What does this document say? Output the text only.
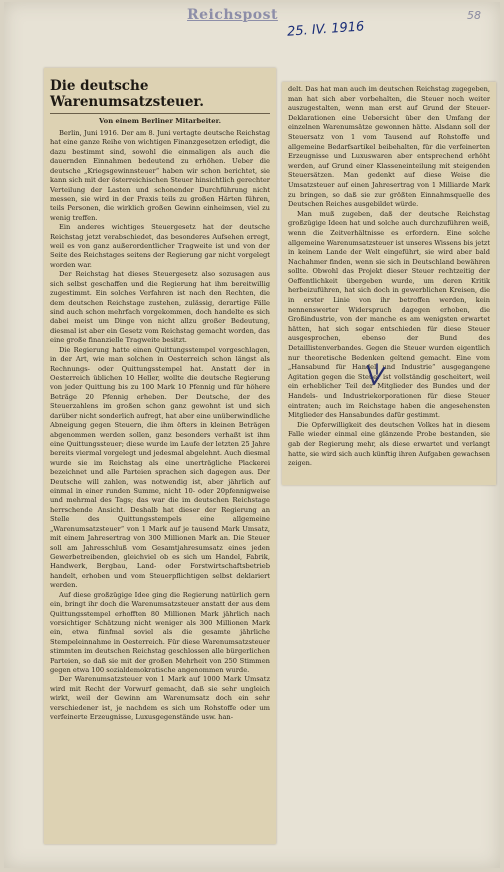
Reichspost
25. IV. 1916
58
Die deutsche Warenumsatzsteuer.
Von einem Berliner Mitarbeiter.

Berlin, Juni 1916. Der am 8. Juni vertagte deutsche Reichstag hat eine ganze Reihe von wichtigen Finanzgesetzen erledigt, die dazu bestimmt sind, sowohl die einmaligen als auch die dauernden Einnahmen bedeutend zu erhöhen. Ueber die deutsche „Kriegsgewinnsteuer“ haben wir schon berichtet, sie kann sich mit der österreichischen Steuer hinsichtlich gerechter Verteilung der Lasten und schonender Durchführung nicht messen, sie wird in der Praxis teils zu großen Härten führen, teils Personen, die wirklich großen Gewinn einheimsen, viel zu wenig treffen.

Ein anderes wichtiges Steuergesetz hat der deutsche Reichstag jetzt verabschiedet, das besonderes Aufsehen erregt, weil es von ganz außerordentlicher Tragweite ist und von der Seite des Reichstages seitens der Regierung gar nicht vorgelegt worden war.

Der Reichstag hat dieses Steuergesetz also sozusagen aus sich selbst geschaffen und die Regierung hat ihm bereitwillig zugestimmt. Ein solches Verfahren ist nach den Rechten, die dem deutschen Reichstage zustehen, zulässig, derartige Fälle sind auch schon mehrfach vorgekommen, doch handelte es sich dabei meist um Dinge von nicht allzu großer Bedeutung, diesmal ist aber ein Gesetz vom Reichstag gemacht worden, das eine große finanzielle Tragweite besitzt.

Die Regierung hatte einen Quittungsstempel vorgeschlagen, in der Art, wie man solchen in Oesterreich schon längst als Rechnungs- oder Quittungsstempel hat. Anstatt der in Oesterreich üblichen 10 Heller, wollte die deutsche Regierung von jeder Quittung bis zu 100 Mark 10 Pfennig und für höhere Beträge 20 Pfennig erheben. Der Deutsche, der des Steuerzahlens im großen schon ganz gewohnt ist und sich darüber nicht sonderlich aufregt, hat aber eine unüberwindliche Abneigung gegen Steuern, die ihm öfters in kleinen Beträgen abgenommen werden sollen, ganz besonders verhaßt ist ihm eine Quittungssteuer; diese wurde im Laufe der letzten 25 Jahre bereits viermal vorgelegt und jedesmal abgelehnt. Auch diesmal wurde sie im Reichstag als eine unerträgliche Plackerei bezeichnet und alle Parteien sprachen sich dagegen aus. Der Deutsche will zahlen, was notwendig ist, aber jährlich auf einmal in einer runden Summe, nicht 10- oder 20pfennigweise und mehrmal des Tags; das war die im deutschen Reichstage herrschende Ansicht. Deshalb hat dieser der Regierung an Stelle des Quittungsstempels eine allgemeine „Warenumsatzsteuer“ von 1 Mark auf je tausend Mark Umsatz, mit einem Jahresertrag von 300 Millionen Mark an. Die Steuer soll am Jahresschluß vom Gesamtjahresumsatz eines jeden Gewerbetreibenden, gleichviel ob es sich um Handel, Fabrik, Handwerk, Bergbau, Land- oder Forstwirtschaftsbetrieb handelt, erhoben und vom Steuerpflichtigen selbst deklariert werden.

Auf diese großzügige Idee ging die Regierung natürlich gern ein, bringt ihr doch die Warenumsatzsteuer anstatt der aus dem Quittungsstempel erhofften 80 Millionen Mark jährlich nach vorsichtiger Schätzung nicht weniger als 300 Millionen Mark ein, etwa fünfmal soviel als die gesamte jährliche Stempeleinnahme in Oesterreich. Für diese Warenumsatzsteuer stimmten im deutschen Reichstag geschlossen alle bürgerlichen Parteien, so daß sie mit der großen Mehrheit von 250 Stimmen gegen etwa 100 sozialdemokratische angenommen wurde.

Der Warenumsatzsteuer von 1 Mark auf 1000 Mark Umsatz wird mit Recht der Vorwurf gemacht, daß sie sehr ungleich wirkt, weil der Gewinn am Warenumsatz doch ein sehr verschiedener ist, je nachdem es sich um Rohstoffe oder um verfeinerte Erzeugnisse, Luxusgegenstände usw. han-

delt. Das hat man auch im deutschen Reichstag zugegeben, man hat sich aber vorbehalten, die Steuer noch weiter auszugestalten, wenn man erst auf Grund der Steuer-Deklarationen eine Uebersicht über den Umfang der einzelnen Warenumsätze gewonnen hätte. Alsdann soll der Steuersatz von 1 vom Tausend auf Rohstoffe und allgemeine Bedarfsartikel beibehalten, für die verfeinerten Erzeugnisse und Luxuswaren aber entsprechend erhöht werden, auf Grund einer Klasseneinteilung mit steigenden Steuersätzen. Man gedenkt auf diese Weise die Umsatzsteuer auf einen Jahresertrag von 1 Milliarde Mark zu bringen, so daß sie zur größten Einnahmsquelle des Deutschen Reiches ausgebildet würde.

Man muß zugeben, daß der deutsche Reichstag großzügige Ideen hat und solche auch durchzuführen weiß, wenn die Zeitverhältnisse es erfordern. Eine solche allgemeine Warenumsatzsteuer ist unseres Wissens bis jetzt in keinem Lande der Welt eingeführt, sie wird aber bald Nachahmer finden, wenn sie sich in Deutschland bewähren sollte. Obwohl das Projekt dieser Steuer rechtzeitig der Oeffentlichkeit übergeben wurde, um deren Kritik herbeizuführen, hat sich doch in gewerblichen Kreisen, die in erster Linie von ihr betroffen werden, kein nennenswerter Widerspruch dagegen erhoben, die Großindustrie, von der manche es am wenigsten erwartet hätten, hat sich sogar entschieden für diese Steuer ausgesprochen, ebenso der Bund des Detaillistenverbandes. Gegen die Steuer wurden eigentlich nur theoretische Bedenken geltend gemacht. Eine vom „Hansabund für Handel und Industrie“ ausgegangene Agitation gegen die Steuer ist vollständig gescheitert, weil ein erheblicher Teil der Mitglieder des Bundes und der Handels- und Industriekorporationen für diese Steuer eintraten; auch im Reichstage haben die angesehensten Mitglieder des Hansabundes dafür gestimmt.

Die Opferwilligkeit des deutschen Volkes hat in diesem Falle wieder einmal eine glänzende Probe bestanden, sie gab der Regierung mehr, als diese erwartet und verlangt hatte, sie wird sich auch künftig ihren Aufgaben gewachsen zeigen.
